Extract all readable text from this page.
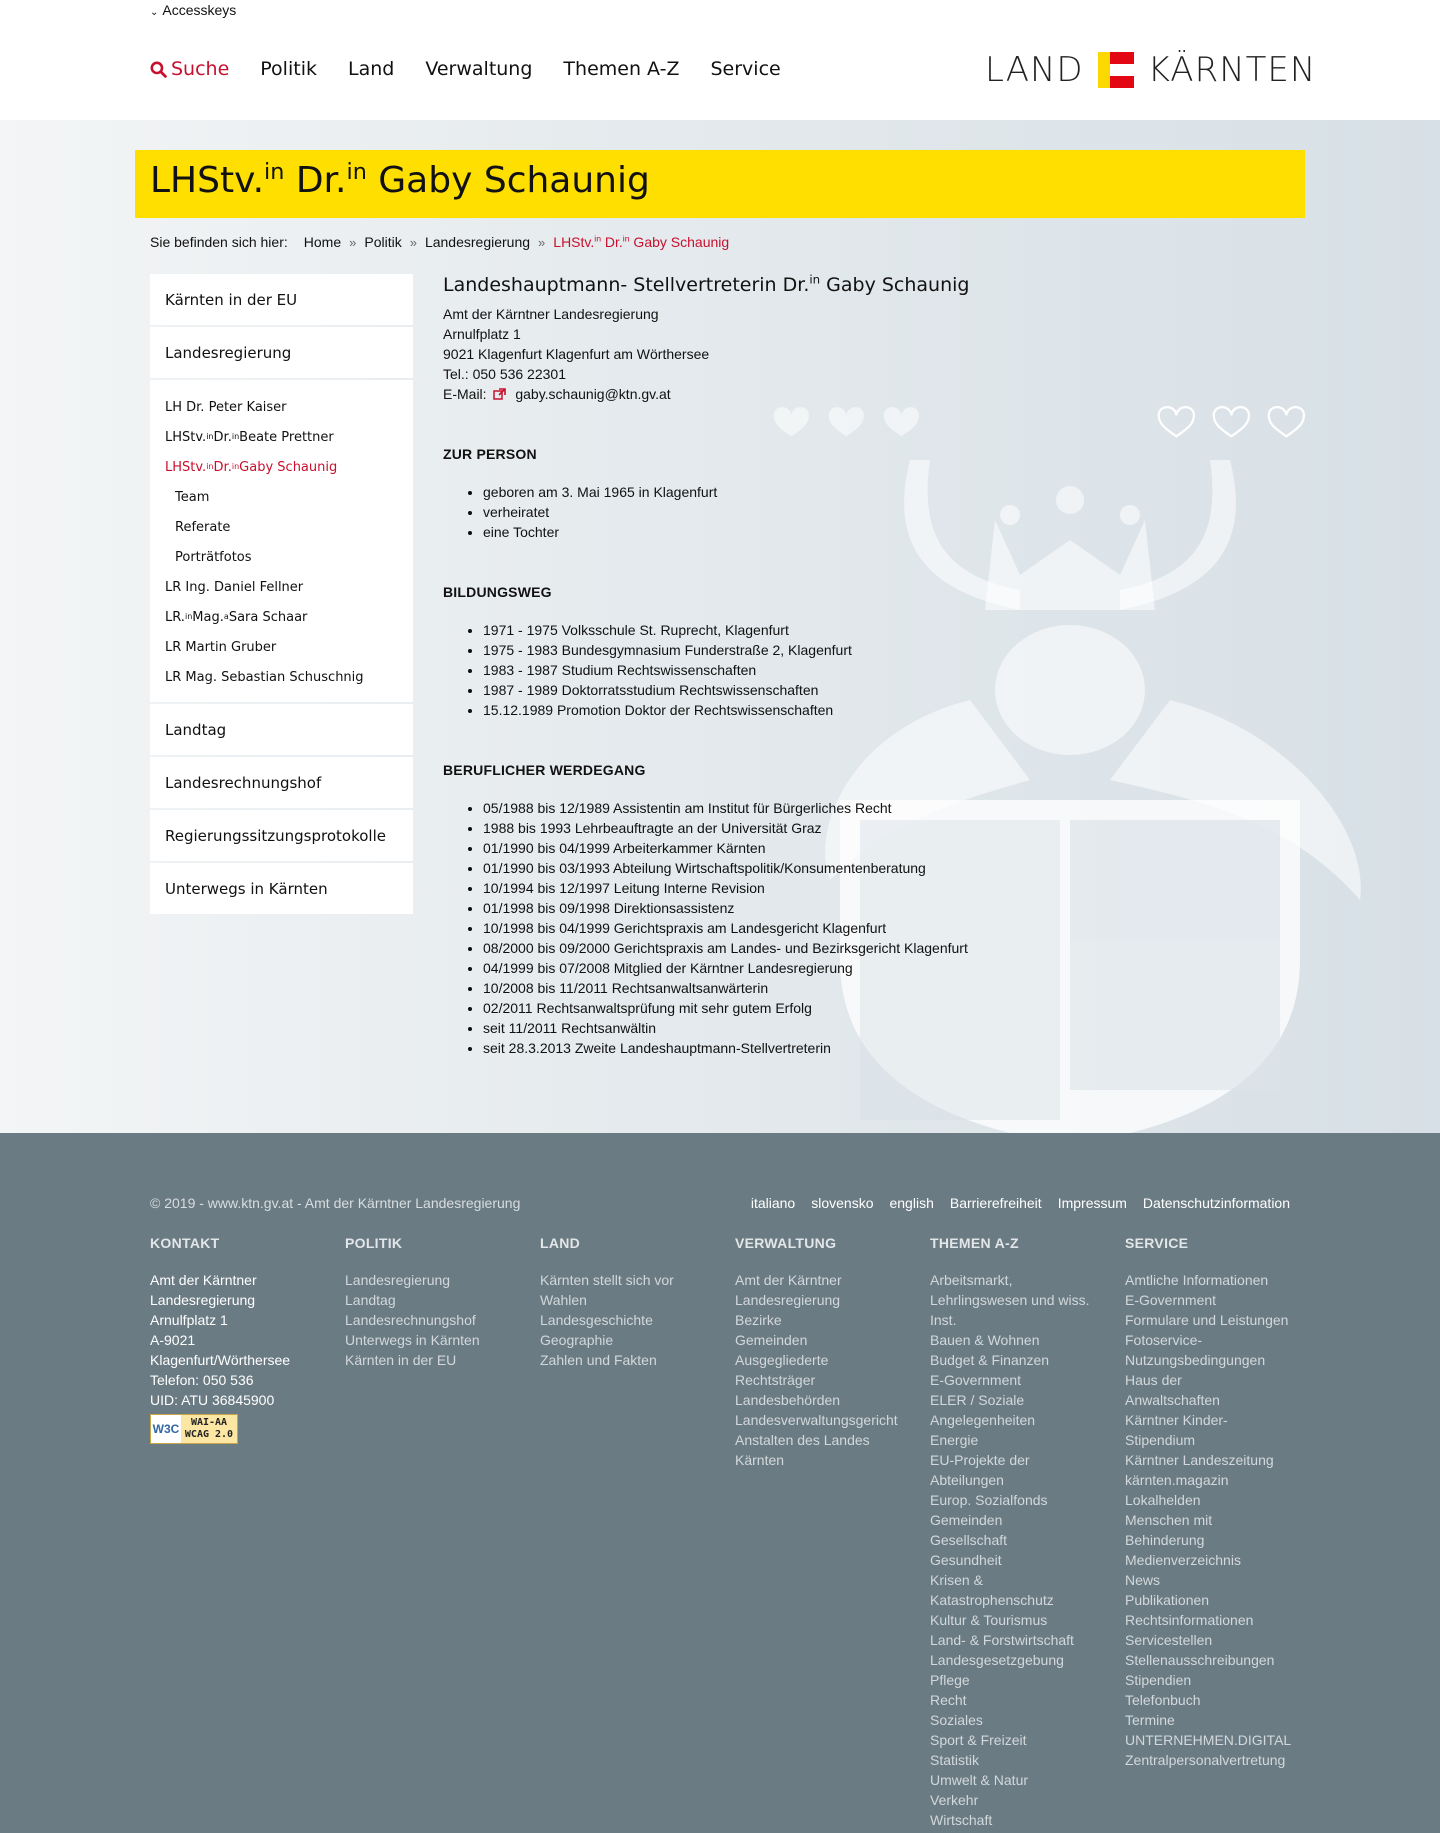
⌄ Accesskeys
Suche Politik Land Verwaltung Themen A-Z Service	LAND KÄRNTEN
LHStv.$^{in}$ Dr.$^{in}$ Gaby Schaunig
Sie befinden sich hier: Home » Politik » Landesregierung » LHStv.$^{in}$ Dr.$^{in}$ Gaby Schaunig
Kärnten in der EU
Landesregierung
LH Dr. Peter Kaiser
LHStv. in Dr. in Beate Prettner
LHStv. in Dr. in Gaby Schaunig
Team
Referate
Porträtfotos
LR Ing. Daniel Fellner
LR. in Mag. a Sara Schaar
LR Martin Gruber
LR Mag. Sebastian Schuschnig
Landtag
Landesrechnungshof
Regierungssitzungsprotokolle
Unterwegs in Kärnten
Landeshauptmann- Stellvertreterin Dr.$^{in}$ Gaby Schaunig
Amt der Kärntner Landesregierung
Arnulfplatz 1
9021 Klagenfurt Klagenfurt am Wörthersee
Tel.: 050 536 22301
E-Mail: gaby.schaunig@ktn.gv.at
ZUR PERSON
• geboren am 3. Mai 1965 in Klagenfurt
• verheiratet
• eine Tochter
BILDUNGSWEG
• 1971 - 1975 Volksschule St. Ruprecht, Klagenfurt
• 1975 - 1983 Bundesgymnasium Funderstraße 2, Klagenfurt
• 1983 - 1987 Studium Rechtswissenschaften
• 1987 - 1989 Doktorratsstudium Rechtswissenschaften
• 15.12.1989 Promotion Doktor der Rechtswissenschaften
BERUFLICHER WERDEGANG
• 05/1988 bis 12/1989 Assistentin am Institut für Bürgerliches Recht
• 1988 bis 1993 Lehrbeauftragte an der Universität Graz
• 01/1990 bis 04/1999 Arbeiterkammer Kärnten
• 01/1990 bis 03/1993 Abteilung Wirtschaftspolitik/Konsumentenberatung
• 10/1994 bis 12/1997 Leitung Interne Revision
• 01/1998 bis 09/1998 Direktionsassistenz
• 10/1998 bis 04/1999 Gerichtspraxis am Landesgericht Klagenfurt
• 08/2000 bis 09/2000 Gerichtspraxis am Landes- und Bezirksgericht Klagenfurt
• 04/1999 bis 07/2008 Mitglied der Kärntner Landesregierung
• 10/2008 bis 11/2011 Rechtsanwaltsanwärterin
• 02/2011 Rechtsanwaltsprüfung mit sehr gutem Erfolg
• seit 11/2011 Rechtsanwältin
• seit 28.3.2013 Zweite Landeshauptmann-Stellvertreterin
© 2019 - www.ktn.gv.at - Amt der Kärntner Landesregierung	italiano slovensko english Barrierefreiheit Impressum Datenschutzinformation
KONTAKT
Amt der Kärntner
Landesregierung
Arnulfplatz 1
A-9021
Klagenfurt/Wörthersee
Telefon: 050 536
UID: ATU 36845900
W3C WAI-AA
WCAG 2.0
POLITIK
Landesregierung
Landtag
Landesrechnungshof
Unterwegs in Kärnten
Kärnten in der EU
LAND
Kärnten stellt sich vor
Wahlen
Landesgeschichte
Geographie
Zahlen und Fakten
VERWALTUNG
Amt der Kärntner
Landesregierung
Bezirke
Gemeinden
Ausgegliederte
Rechtsträger
Landesbehörden
Landesverwaltungsgericht
Anstalten des Landes
Kärnten
THEMEN A-Z
Arbeitsmarkt,
Lehrlingswesen und wiss.
Inst.
Bauen & Wohnen
Budget & Finanzen
E-Government
ELER / Soziale
Angelegenheiten
Energie
EU-Projekte der
Abteilungen
Europ. Sozialfonds
Gemeinden
Gesellschaft
Gesundheit
Krisen &
Katastrophenschutz
Kultur & Tourismus
Land- & Forstwirtschaft
Landesgesetzgebung
Pflege
Recht
Soziales
Sport & Freizeit
Statistik
Umwelt & Natur
Verkehr
Wirtschaft
SERVICE
Amtliche Informationen
E-Government
Formulare und Leistungen
Fotoservice-
Nutzungsbedingungen
Haus der
Anwaltschaften
Kärntner Kinder-
Stipendium
Kärntner Landeszeitung
kärnten.magazin
Lokalhelden
Menschen mit
Behinderung
Medienverzeichnis
News
Publikationen
Rechtsinformationen
Servicestellen
Stellenausschreibungen
Stipendien
Telefonbuch
Termine
UNTERNEHMEN.DIGITAL
Zentralpersonalvertretung
